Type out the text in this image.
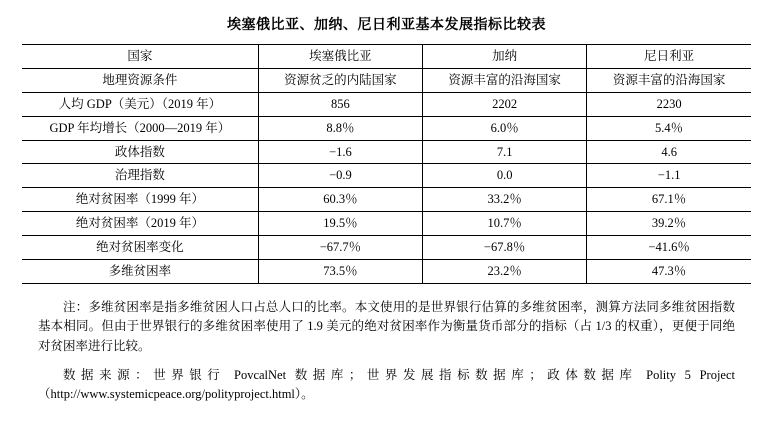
埃塞俄比亚、加纳、尼日利亚基本发展指标比较表
国家	埃塞俄比亚	加纳	尼日利亚
地理资源条件	资源贫乏的内陆国家	资源丰富的沿海国家	资源丰富的沿海国家
人均 GDP（美元）（2019 年）	856	2202	2230
GDP 年均增长（2000—2019 年）	8.8％	6.0％	5.4％
政体指数	−1.6	7.1	4.6
治理指数	−0.9	0.0	−1.1
绝对贫困率（1999 年）	60.3％	33.2％	67.1％
绝对贫困率（2019 年）	19.5％	10.7％	39.2％
绝对贫困率变化	−67.7％	−67.8％	−41.6％
多维贫困率	73.5％	23.2％	47.3％

注：多维贫困率是指多维贫困人口占总人口的比率。本文使用的是世界银行估算的多维贫困率，测算方法同多维贫困指数基本相同。但由于世界银行的多维贫困率使用了 1.9 美元的绝对贫困率作为衡量货币部分的指标（占 1/3 的权重），更便于同绝对贫困率进行比较。

数据来源：世界银行 PovcalNet 数据库；世界发展指标数据库；政体数据库 Polity 5 Project（http://www.systemicpeace.org/polityproject.html）。
